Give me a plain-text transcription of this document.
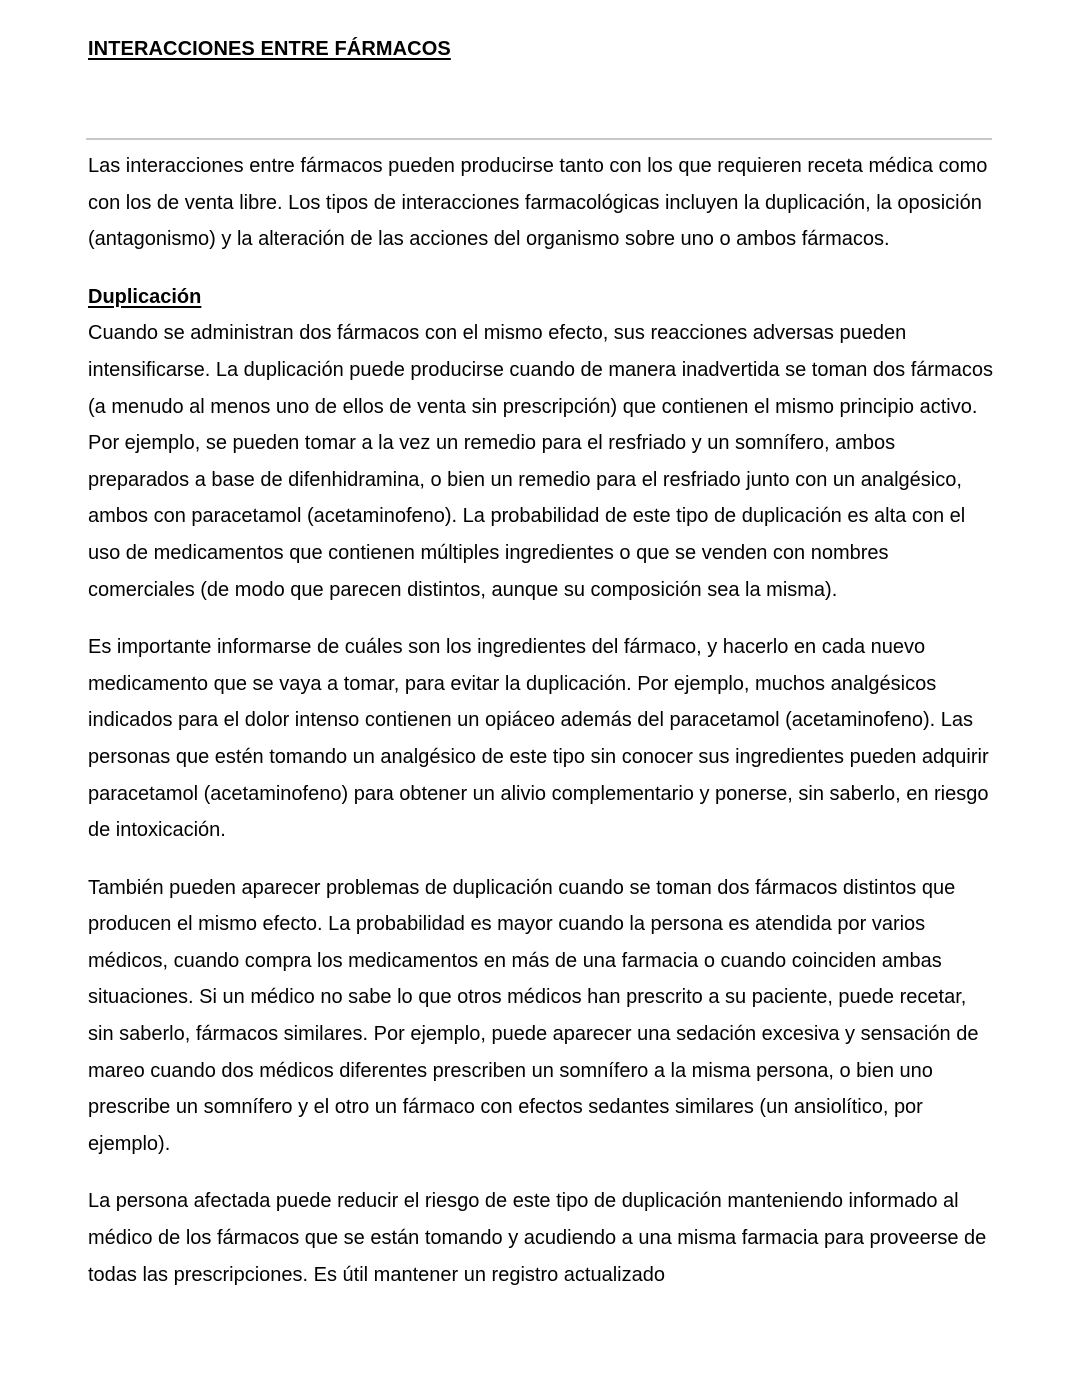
INTERACCIONES ENTRE FÁRMACOS

Las interacciones entre fármacos pueden producirse tanto con los que requieren receta médica como con los de venta libre. Los tipos de interacciones farmacológicas incluyen la duplicación, la oposición (antagonismo) y la alteración de las acciones del organismo sobre uno o ambos fármacos.

Duplicación

Cuando se administran dos fármacos con el mismo efecto, sus reacciones adversas pueden intensificarse. La duplicación puede producirse cuando de manera inadvertida se toman dos fármacos (a menudo al menos uno de ellos de venta sin prescripción) que contienen el mismo principio activo. Por ejemplo, se pueden tomar a la vez un remedio para el resfriado y un somnífero, ambos preparados a base de difenhidramina, o bien un remedio para el resfriado junto con un analgésico, ambos con paracetamol (acetaminofeno). La probabilidad de este tipo de duplicación es alta con el uso de medicamentos que contienen múltiples ingredientes o que se venden con nombres comerciales (de modo que parecen distintos, aunque su composición sea la misma).

Es importante informarse de cuáles son los ingredientes del fármaco, y hacerlo en cada nuevo medicamento que se vaya a tomar, para evitar la duplicación. Por ejemplo, muchos analgésicos indicados para el dolor intenso contienen un opiáceo además del paracetamol (acetaminofeno). Las personas que estén tomando un analgésico de este tipo sin conocer sus ingredientes pueden adquirir paracetamol (acetaminofeno) para obtener un alivio complementario y ponerse, sin saberlo, en riesgo de intoxicación.

También pueden aparecer problemas de duplicación cuando se toman dos fármacos distintos que producen el mismo efecto. La probabilidad es mayor cuando la persona es atendida por varios médicos, cuando compra los medicamentos en más de una farmacia o cuando coinciden ambas situaciones. Si un médico no sabe lo que otros médicos han prescrito a su paciente, puede recetar, sin saberlo, fármacos similares. Por ejemplo, puede aparecer una sedación excesiva y sensación de mareo cuando dos médicos diferentes prescriben un somnífero a la misma persona, o bien uno prescribe un somnífero y el otro un fármaco con efectos sedantes similares (un ansiolítico, por ejemplo).

La persona afectada puede reducir el riesgo de este tipo de duplicación manteniendo informado al médico de los fármacos que se están tomando y acudiendo a una misma farmacia para proveerse de todas las prescripciones. Es útil mantener un registro actualizado
